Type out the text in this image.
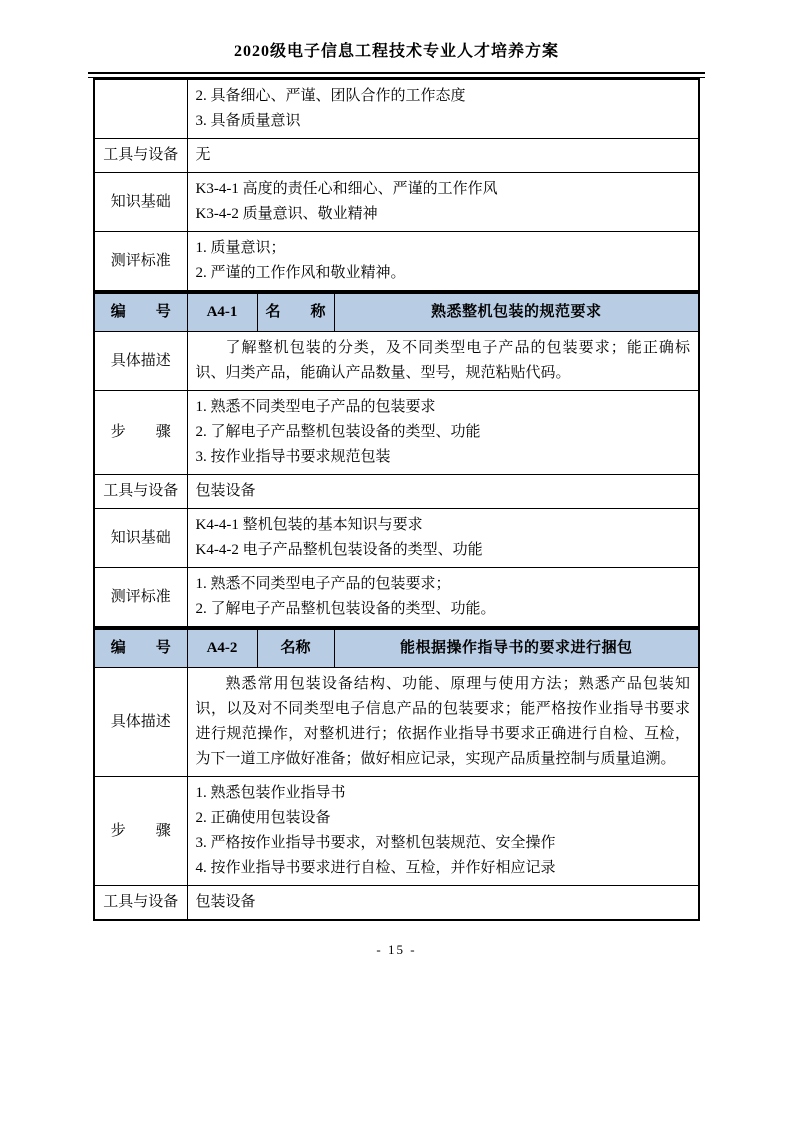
2020级电子信息工程技术专业人才培养方案

	2. 具备细心、严谨、团队合作的工作态度
3. 具备质量意识

工具与设备	无

知识基础	K3-4-1 高度的责任心和细心、严谨的工作作风
K3-4-2 质量意识、敬业精神

测评标准	1. 质量意识；
2. 严谨的工作作风和敬业精神。
编　　号	A4-1	名　　称	熟悉整机包装的规范要求
具体描述	了解整机包装的分类，及不同类型电子产品的包装要求；能正确标识、归类产品，能确认产品数量、型号，规范粘贴代码。		

步　　骤	1. 熟悉不同类型电子产品的包装要求
2. 了解电子产品整机包装设备的类型、功能
3. 按作业指导书要求规范包装		

工具与设备	包装设备		

知识基础	K4-4-1 整机包装的基本知识与要求
K4-4-2 电子产品整机包装设备的类型、功能		

测评标准	1. 熟悉不同类型电子产品的包装要求；
2. 了解电子产品整机包装设备的类型、功能。		
编　　号	A4-2	名称	能根据操作指导书的要求进行捆包
具体描述	熟悉常用包装设备结构、功能、原理与使用方法；熟悉产品包装知识，以及对不同类型电子信息产品的包装要求；能严格按作业指导书要求进行规范操作，对整机进行；依据作业指导书要求正确进行自检、互检，为下一道工序做好准备；做好相应记录，实现产品质量控制与质量追溯。		

步　　骤	1. 熟悉包装作业指导书
2. 正确使用包装设备
3. 严格按作业指导书要求，对整机包装规范、安全操作
4. 按作业指导书要求进行自检、互检，并作好相应记录		

工具与设备	包装设备		
- 15 -
